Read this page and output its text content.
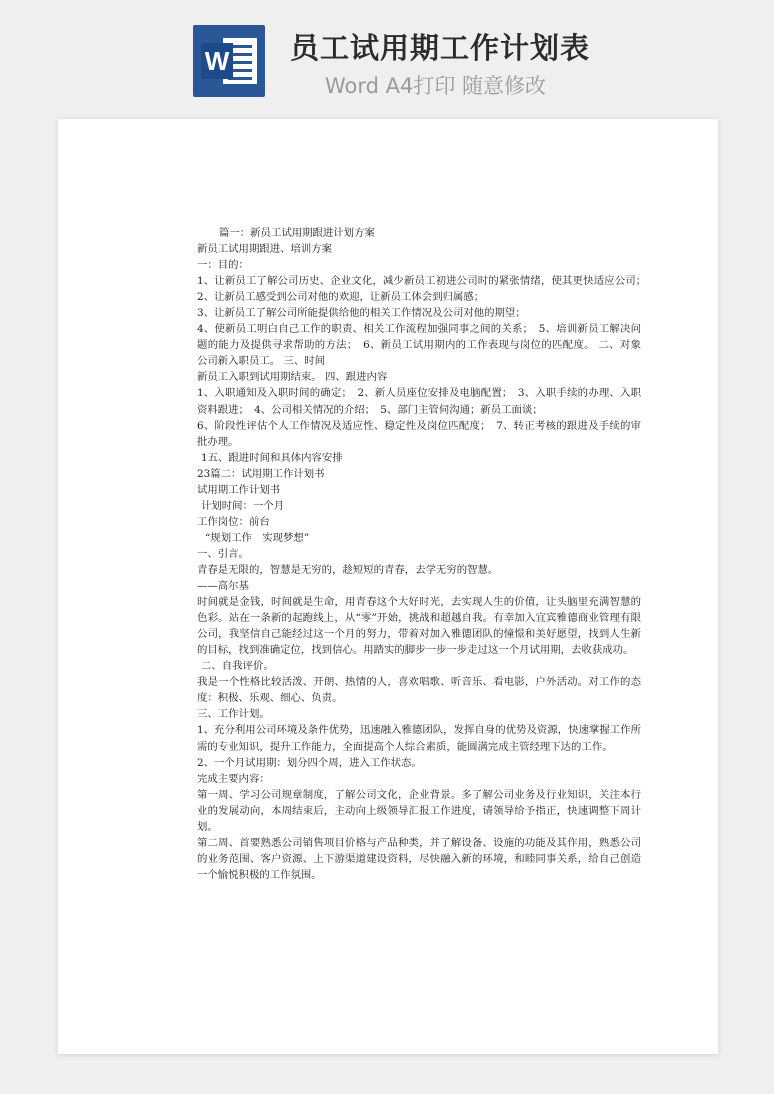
W 员工试用期工作计划表
Word A4打印 随意修改

篇一：新员工试用期跟进计划方案

新员工试用期跟进、培训方案

一：目的：

1、让新员工了解公司历史、企业文化，减少新员工初进公司时的紧张情绪，使其更快适应公司；　2、让新员工感受到公司对他的欢迎，让新员工体会到归属感；

3、让新员工了解公司所能提供给他的相关工作情况及公司对他的期望；

4、使新员工明白自己工作的职责、相关工作流程加强同事之间的关系；　5、培训新员工解决问题的能力及提供寻求帮助的方法；　6、新员工试用期内的工作表现与岗位的匹配度。 二、对象　公司新入职员工。 三、时间

新员工入职到试用期结束。 四、跟进内容

1、入职通知及入职时间的确定；　2、新人员座位安排及电脑配置；　3、入职手续的办理、入职资料跟进；　4、公司相关情况的介绍；　5、部门主管伺沟通；新员工面谈；

6、阶段性评估个人工作情况及适应性、稳定性及岗位匹配度；　7、转正考核的跟进及手续的审批办理。

1五、跟进时间和具体内容安排

23篇二：试用期工作计划书

试用期工作计划书

计划时间：一个月

工作岗位：前台

“规划工作　实现梦想”

一、引言。

青春是无限的，智慧是无穷的，趁短短的青春，去学无穷的智慧。

——高尔基

时间就是金钱，时间就是生命，用青春这个大好时光，去实现人生的价值，让头脑里充满智慧的色彩。站在一条新的起跑线上，从“零”开始，挑战和超越自我。有幸加入宜宾雅德商业管理有限公司，我坚信自己能经过这一个月的努力，带着对加入雅德团队的憧憬和美好愿望，找到人生新的目标，找到准确定位，找到信心。用踏实的脚步一步一步走过这一个月试用期，去收获成功。

二、自我评价。

我是一个性格比较活泼、开朗、热情的人，喜欢唱歌、听音乐、看电影，户外活动。对工作的态度：积极、乐观、细心、负责。

三、工作计划。

1、充分利用公司环境及条件优势，迅速融入雅德团队，发挥自身的优势及资源，快速掌握工作所需的专业知识，提升工作能力，全面提高个人综合素质，能圆满完成主管经理下达的工作。

2、一个月试用期：划分四个周，进入工作状态。

完成主要内容：

第一周、学习公司规章制度，了解公司文化，企业背景。多了解公司业务及行业知识，关注本行业的发展动向，本周结束后，主动向上级领导汇报工作进度，请领导给予指正，快速调整下周计划。

第二周、首要熟悉公司销售项目价格与产品种类，并了解设备、设施的功能及其作用，熟悉公司的业务范围、客户资源、上下游渠道建设资料，尽快融入新的环境，和睦同事关系，给自己创造一个愉悦积极的工作氛围。
